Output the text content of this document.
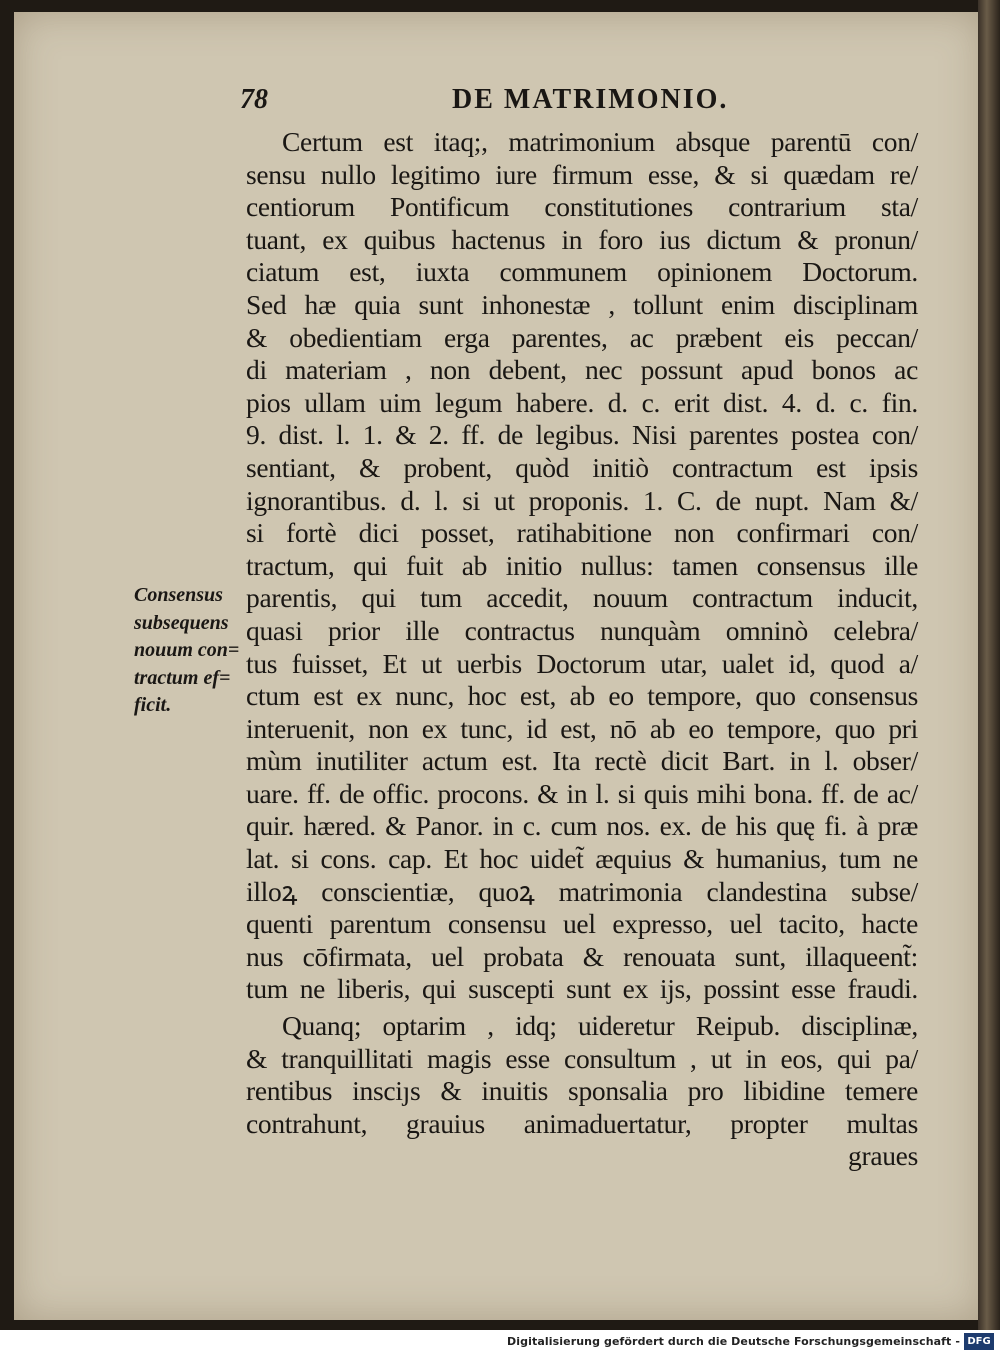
78	DE MATRIMONIO.
Consensus
subsequens
nouum con=
tractum ef=
ficit.
Certum est itaq;, matrimonium absque parentū con/
sensu nullo legitimo iure firmum esse, & si quædam re/
centiorum Pontificum constitutiones contrarium sta/
tuant, ex quibus hactenus in foro ius dictum & pronun/
ciatum est, iuxta communem opinionem Doctorum.
Sed hæ quia sunt inhonestæ , tollunt enim disciplinam
& obedientiam erga parentes, ac præbent eis peccan/
di materiam , non debent, nec possunt apud bonos ac
pios ullam uim legum habere. d. c. erit dist. 4. d. c. fin.
9. dist. l. 1. & 2. ff. de legibus. Nisi parentes postea con/
sentiant, & probent, quòd initiò contractum est ipsis
ignorantibus. d. l. si ut proponis. 1. C. de nupt. Nam &/
si fortè dici posset, ratihabitione non confirmari con/
tractum, qui fuit ab initio nullus: tamen consensus ille
parentis, qui tum accedit, nouum contractum inducit,
quasi prior ille contractus nunquàm omninò celebra/
tus fuisset, Et ut uerbis Doctorum utar, ualet id, quod a/
ctum est ex nunc, hoc est, ab eo tempore, quo consensus
interuenit, non ex tunc, id est, nō ab eo tempore, quo pri
mùm inutiliter actum est. Ita rectè dicit Bart. in l. obser/
uare. ff. de offic. procons. & in l. si quis mihi bona. ff. de ac/
quir. hæred. & Panor. in c. cum nos. ex. de his quę fi. à præ
lat. si cons. cap. Et hoc uidet̃ æquius & humanius, tum ne
illoꝝ conscientiæ, quoꝝ matrimonia clandestina subse/
quenti parentum consensu uel expresso, uel tacito, hacte
nus cōfirmata, uel probata & renouata sunt, illaqueent̃:
tum ne liberis, qui suscepti sunt ex ijs, possint esse fraudi.
Quanq; optarim , idq; uideretur Reipub. disciplinæ,
& tranquillitati magis esse consultum , ut in eos, qui pa/
rentibus insciȷs & inuitis sponsalia pro libidine temere
contrahunt, grauius animaduertatur, propter multas
graues
Digitalisierung gefördert durch die Deutsche Forschungsgemeinschaft - DFG
